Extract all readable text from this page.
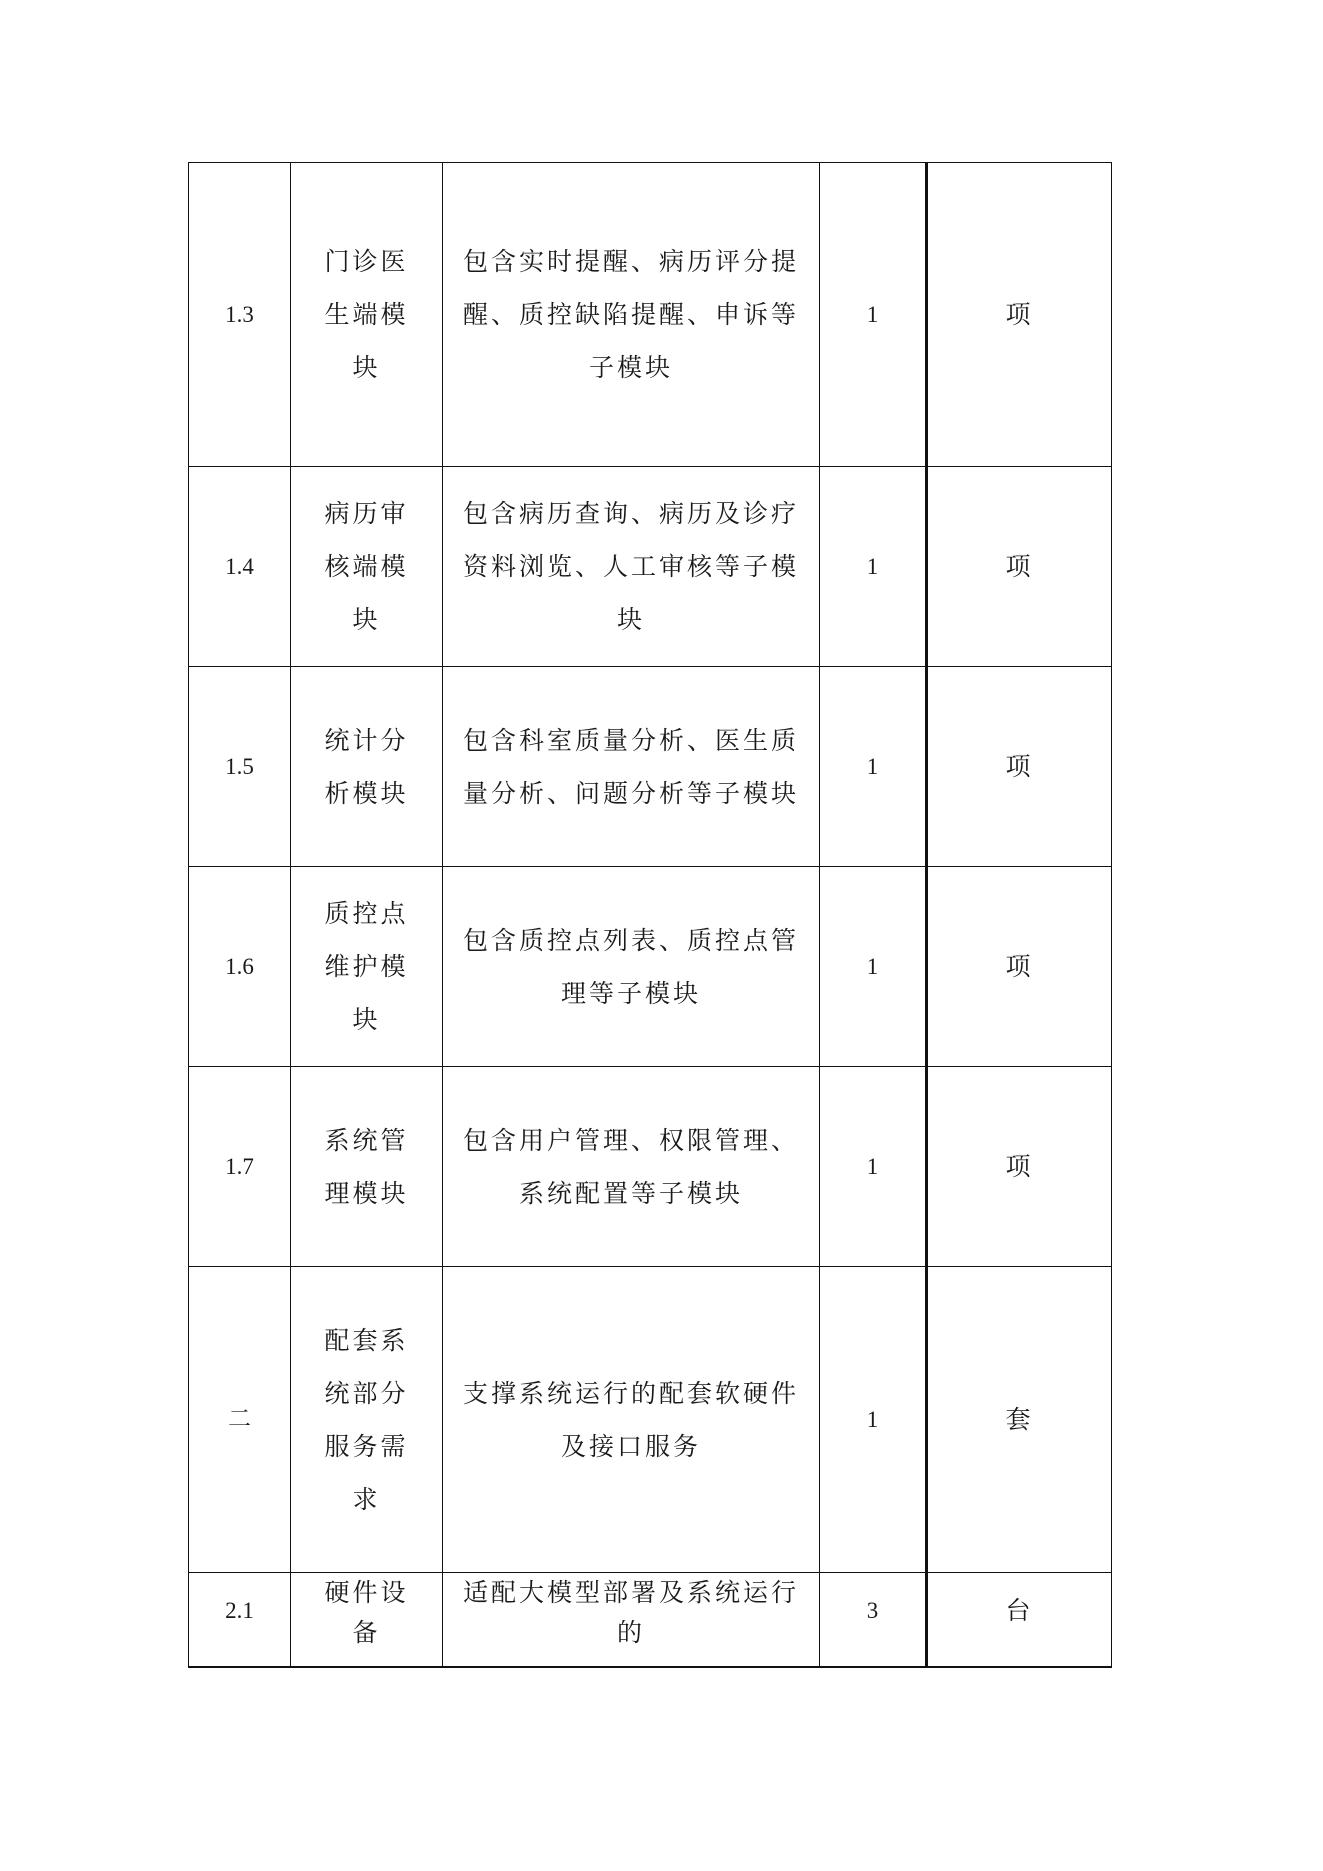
1.3	门诊医生端模块	包含实时提醒、病历评分提醒、质控缺陷提醒、申诉等子模块	1	项
1.4	病历审核端模块	包含病历查询、病历及诊疗资料浏览、人工审核等子模块	1	项
1.5	统计分析模块	包含科室质量分析、医生质量分析、问题分析等子模块	1	项
1.6	质控点维护模块	包含质控点列表、质控点管理等子模块	1	项
1.7	系统管理模块	包含用户管理、权限管理、系统配置等子模块	1	项
二	配套系统部分服务需求	支撑系统运行的配套软硬件及接口服务	1	套
2.1	硬件设备	适配大模型部署及系统运行的	3	台
